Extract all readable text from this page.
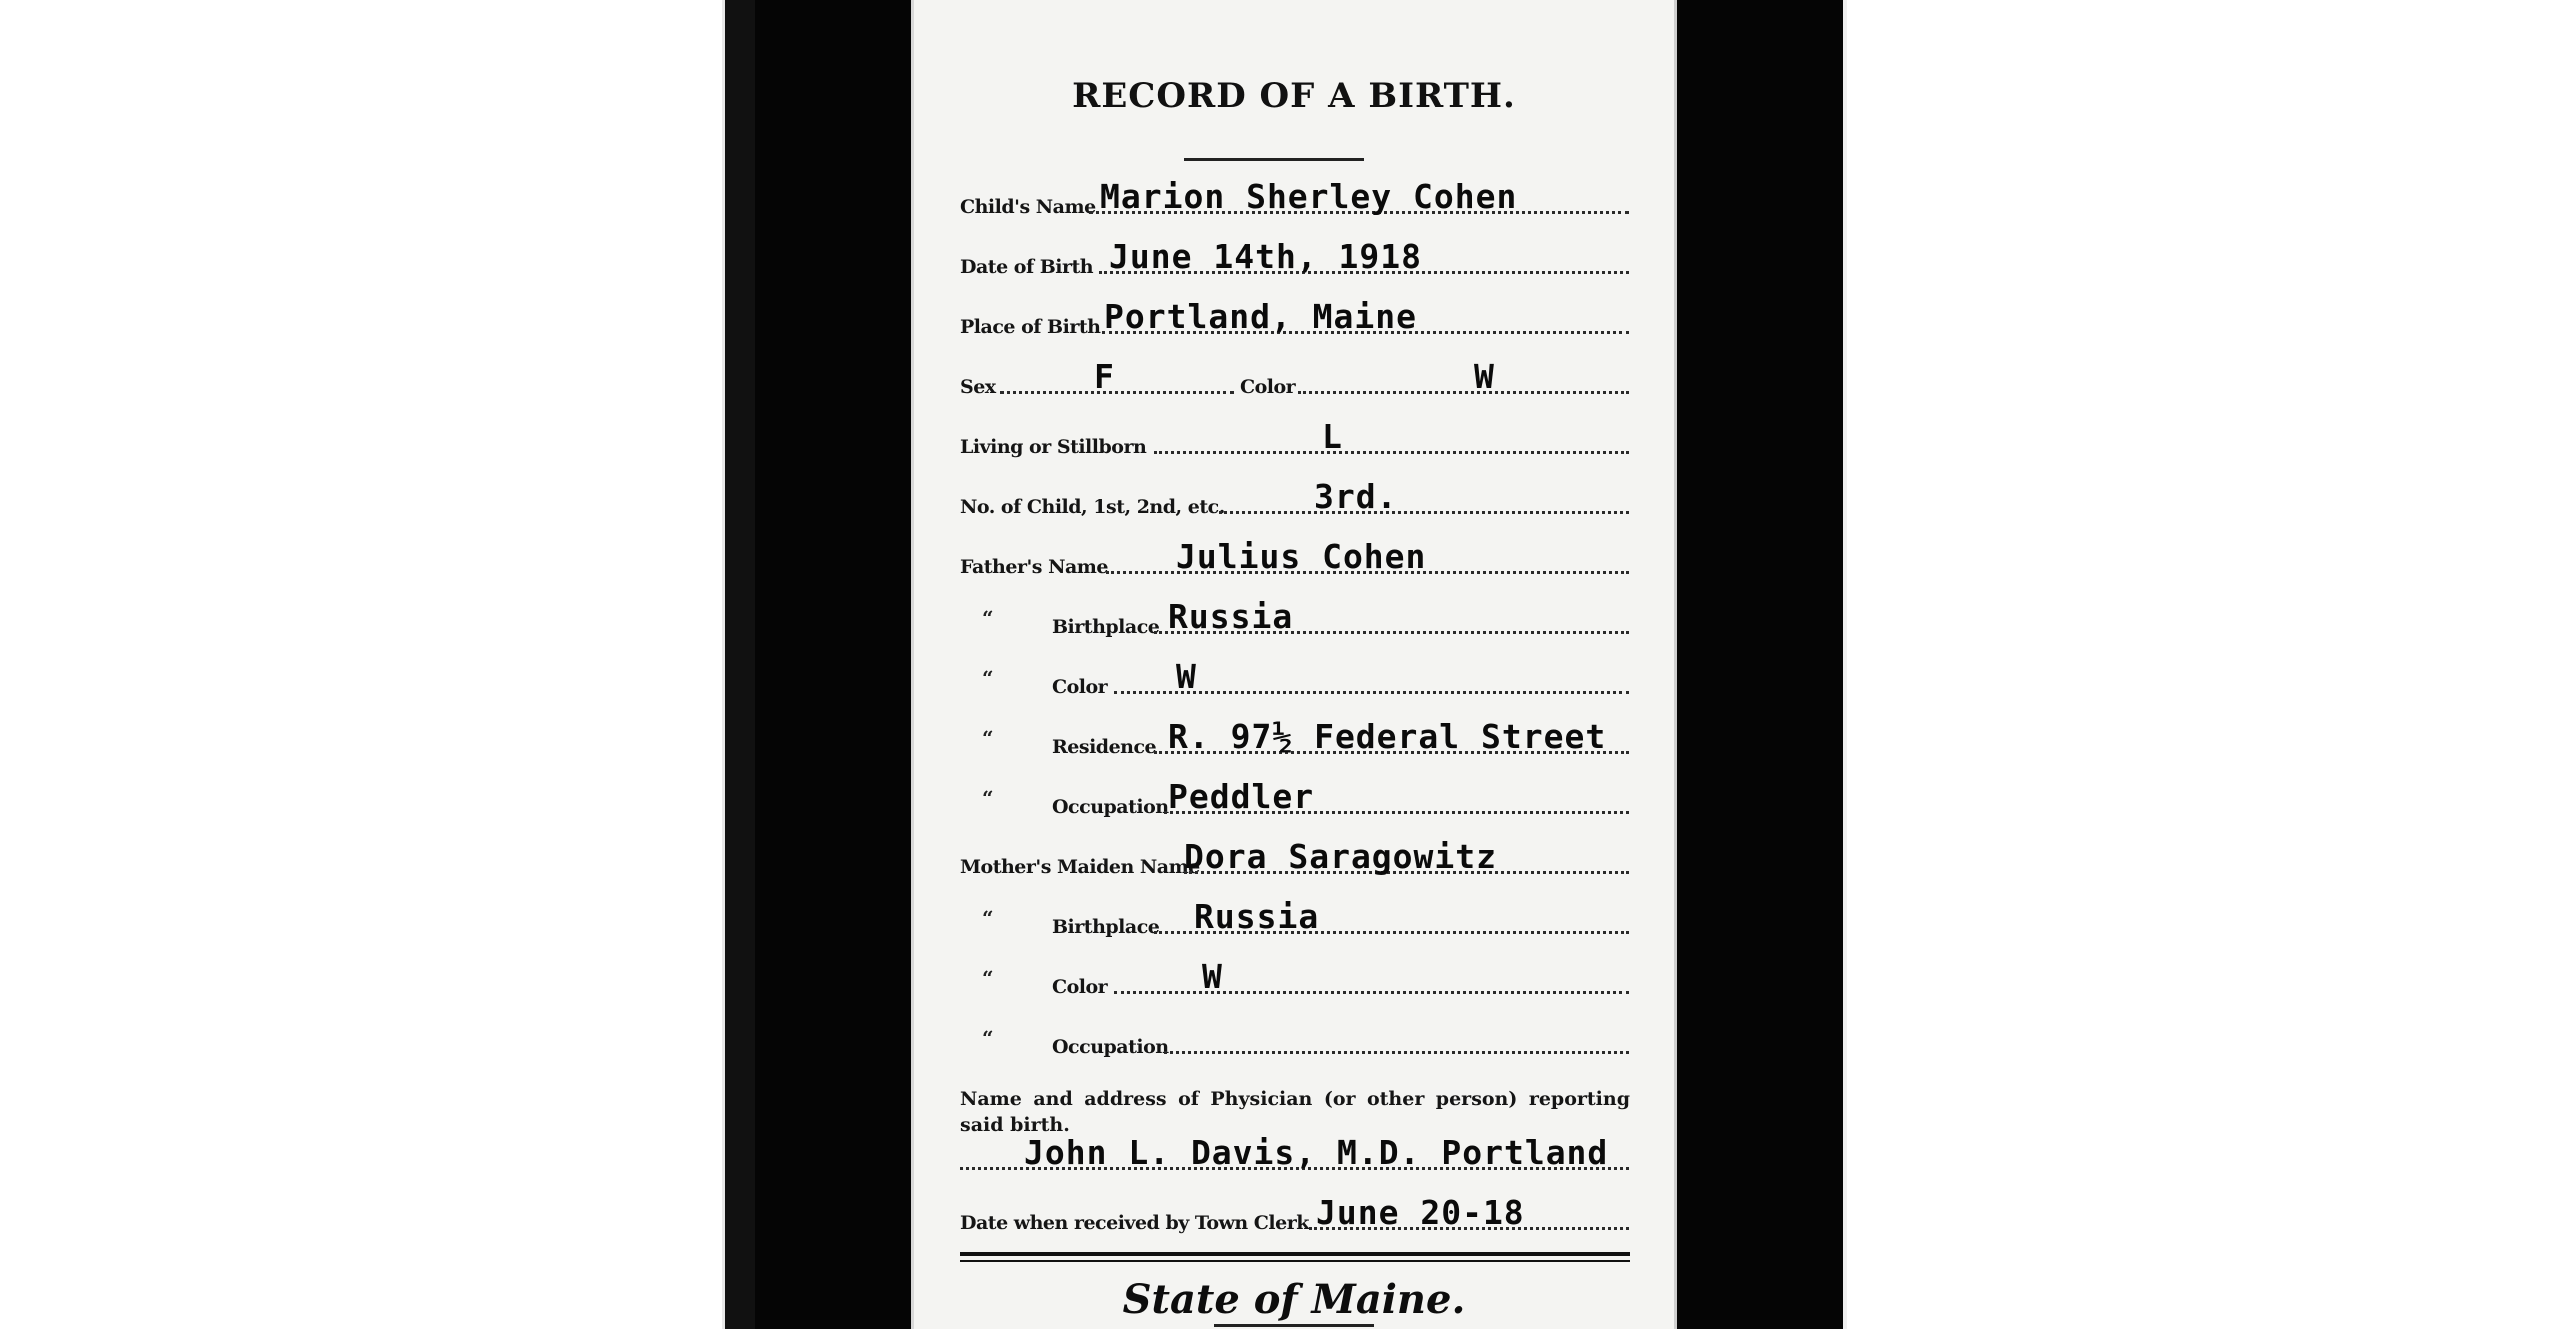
RECORD OF A BIRTH.
Child's Name Marion Sherley Cohen
Date of Birth June 14th, 1918
Place of Birth Portland, Maine
Sex	F	Color	W
Living or Stillborn	L
No. of Child, 1st, 2nd, etc.	3rd.
Father's Name Julius Cohen
“	Birthplace Russia
“	Color W
“	Residence R. 97½ Federal Street
“	Occupation Peddler
Mother's Maiden Name
Dora Saragowitz
“	Birthplace Russia
“	Color	W
“	Occupation
Name and address of Physician (or other person) reporting said birth.
John L. Davis, M.D. Portland
Date when received by Town Clerk June 20-18
State of Maine.
